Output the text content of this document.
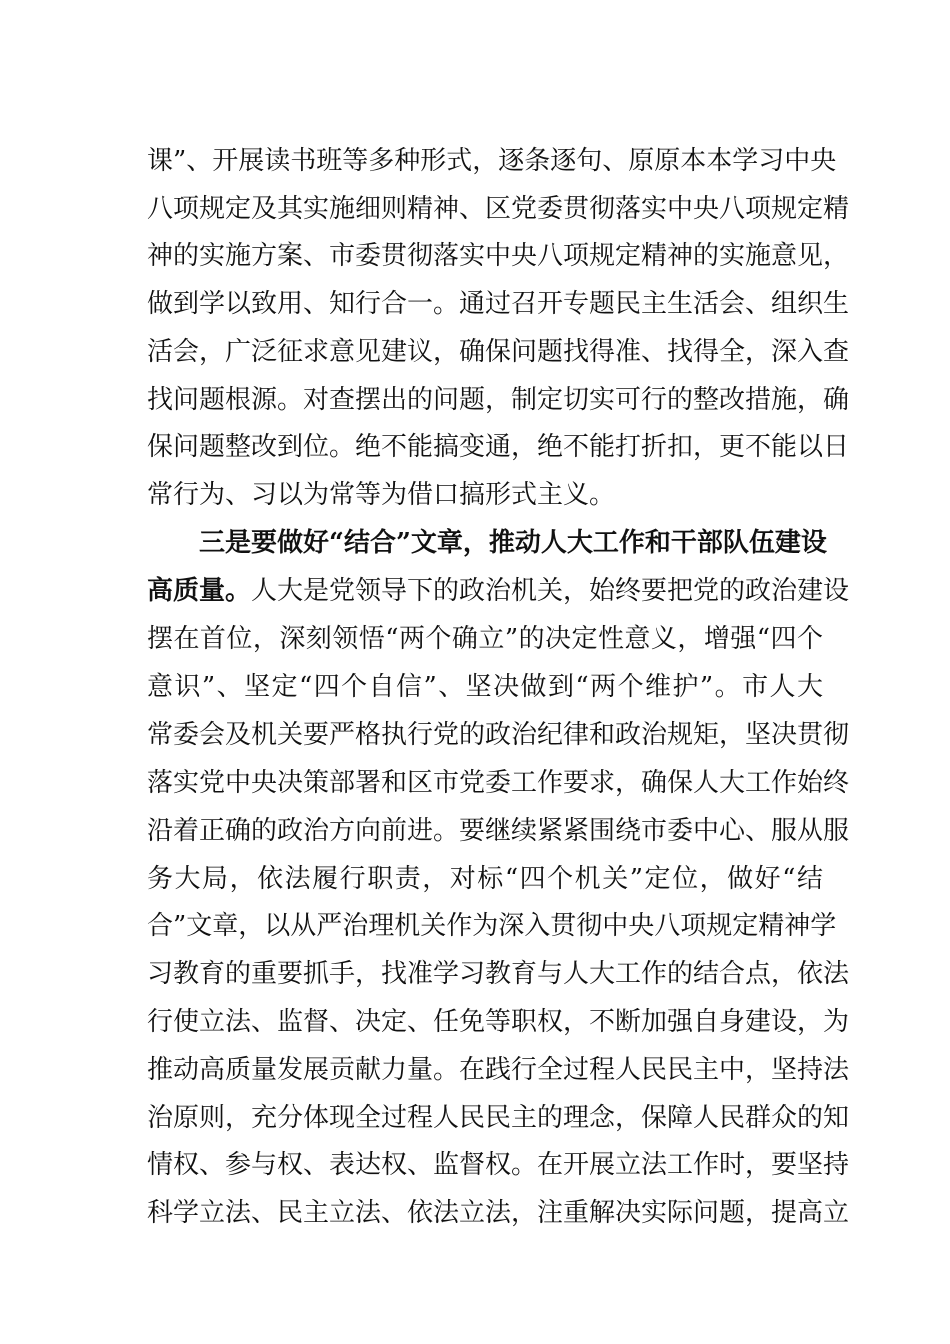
课”、开展读书班等多种形式，逐条逐句、原原本本学习中央
八项规定及其实施细则精神、区党委贯彻落实中央八项规定精
神的实施方案、市委贯彻落实中央八项规定精神的实施意见，
做到学以致用、知行合一。通过召开专题民主生活会、组织生
活会，广泛征求意见建议，确保问题找得准、找得全，深入查
找问题根源。对查摆出的问题，制定切实可行的整改措施，确
保问题整改到位。绝不能搞变通，绝不能打折扣，更不能以日
常行为、习以为常等为借口搞形式主义。
三是要做好“结合”文章，推动人大工作和干部队伍建设
高质量。人大是党领导下的政治机关，始终要把党的政治建设
摆在首位，深刻领悟“两个确立”的决定性意义，增强“四个
意识”、坚定“四个自信”、坚决做到“两个维护”。市人大
常委会及机关要严格执行党的政治纪律和政治规矩，坚决贯彻
落实党中央决策部署和区市党委工作要求，确保人大工作始终
沿着正确的政治方向前进。要继续紧紧围绕市委中心、服从服
务大局，依法履行职责，对标“四个机关”定位，做好“结
合”文章，以从严治理机关作为深入贯彻中央八项规定精神学
习教育的重要抓手，找准学习教育与人大工作的结合点，依法
行使立法、监督、决定、任免等职权，不断加强自身建设，为
推动高质量发展贡献力量。在践行全过程人民民主中，坚持法
治原则，充分体现全过程人民民主的理念，保障人民群众的知
情权、参与权、表达权、监督权。在开展立法工作时，要坚持
科学立法、民主立法、依法立法，注重解决实际问题，提高立
